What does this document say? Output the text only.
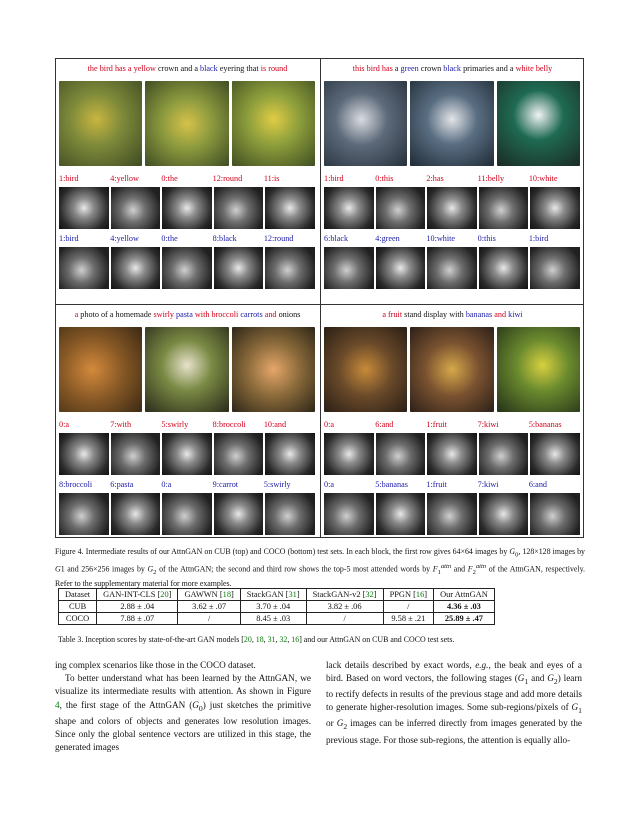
the bird has a yellow crown and a black eyering that is round
1:bird	4:yellow	0:the	12:round	11:is
1:bird	4:yellow	0:the	8:black	12:round
this bird has a green crown black primaries and a white belly
1:bird	0:this	2:has	11:belly	10:white
6:black	4:green	10:white	0:this	1:bird
a photo of a homemade swirly pasta with broccoli carrots and onions
0:a	7:with	5:swirly	8:broccoli	10:and
8:broccoli	6:pasta	0:a	9:carrot	5:swirly
a fruit stand display with bananas and kiwi
0:a	6:and	1:fruit	7:kiwi	5:bananas
0:a	5:bananas	1:fruit	7:kiwi	6:and
Figure 4. Intermediate results of our AttnGAN on CUB (top) and COCO (bottom) test sets. In each block, the first row gives 64×64 images by $G_0$, 128×128 images by G1 and 256×256 images by $G_2$ of the AttnGAN; the second and third row shows the top-5 most attended words by $F_1^{attn}$ and $F_2^{attn}$ of the AttnGAN, respectively. Refer to the supplementary material for more examples.
Dataset	GAN-INT-CLS [20]	GAWWN [18]	StackGAN [31]	StackGAN-v2 [32]	PPGN [16]	Our AttnGAN
CUB	2.88 ± .04	3.62 ± .07	3.70 ± .04	3.82 ± .06	/	4.36 ± .03
COCO	7.88 ± .07	/	8.45 ± .03	/	9.58 ± .21	25.89 ± .47
Table 3. Inception scores by state-of-the-art GAN models [20, 18, 31, 32, 16] and our AttnGAN on CUB and COCO test sets.

ing complex scenarios like those in the COCO dataset.

To better understand what has been learned by the AttnGAN, we visualize its intermediate results with attention. As shown in Figure 4, the first stage of the AttnGAN $(G_0)$ just sketches the primitive shape and colors of objects and generates low resolution images. Since only the global sentence vectors are utilized in this stage, the generated images

lack details described by exact words, e.g., the beak and eyes of a bird. Based on word vectors, the following stages ($G_1$ and $G_2$) learn to rectify defects in results of the previous stage and add more details to generate higher-resolution images. Some sub-regions/pixels of $G_1$ or $G_2$ images can be inferred directly from images generated by the previous stage. For those sub-regions, the attention is equally allo-
